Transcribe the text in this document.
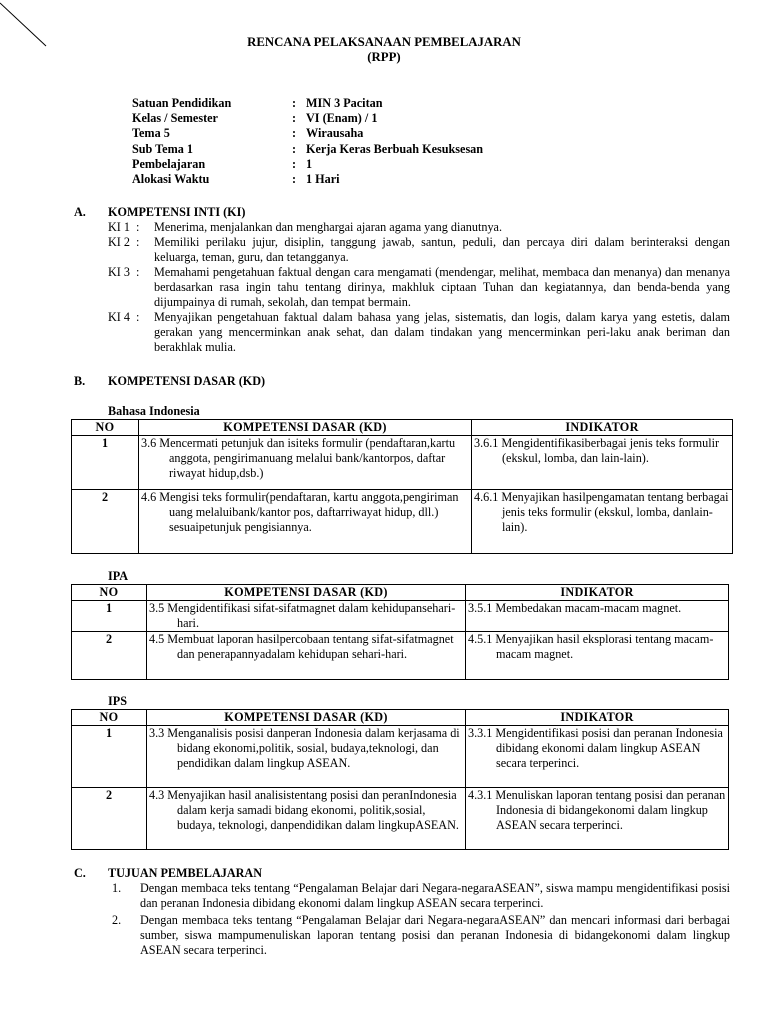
RENCANA PELAKSANAAN PEMBELAJARAN
(RPP)
Satuan Pendidikan	: MIN 3 Pacitan
Kelas / Semester	: VI (Enam) / 1
Tema 5	: Wirausaha
Sub Tema 1	: Kerja Keras Berbuah Kesuksesan
Pembelajaran	: 1
Alokasi Waktu	: 1 Hari
A. KOMPETENSI INTI (KI)
KI 1 :	Menerima, menjalankan dan menghargai ajaran agama yang dianutnya.
KI 2 :	Memiliki perilaku jujur, disiplin, tanggung jawab, santun, peduli, dan percaya diri dalam berinteraksi dengan keluarga, teman, guru, dan tetangganya.
KI 3 :	Memahami pengetahuan faktual dengan cara mengamati (mendengar, melihat, membaca dan menanya) dan menanya berdasarkan rasa ingin tahu tentang dirinya, makhluk ciptaan Tuhan dan kegiatannya, dan benda-benda yang dijumpainya di rumah, sekolah, dan tempat bermain.
KI 4 :	Menyajikan pengetahuan faktual dalam bahasa yang jelas, sistematis, dan logis, dalam karya yang estetis, dalam gerakan yang mencerminkan anak sehat, dan dalam tindakan yang mencerminkan peri-laku anak beriman dan berakhlak mulia.
B. KOMPETENSI DASAR (KD)
Bahasa Indonesia
NO	KOMPETENSI DASAR (KD)	INDIKATOR
1	3.6 Mencermati petunjuk dan isiteks formulir (pendaftaran,kartu anggota, pengirimanuang melalui bank/kantorpos, daftar riwayat hidup,dsb.)	3.6.1 Mengidentifikasiberbagai jenis teks formulir (ekskul, lomba, dan lain-lain).

2	4.6 Mengisi teks formulir(pendaftaran, kartu anggota,pengiriman uang melaluibank/kantor pos, daftarriwayat hidup, dll.) sesuaipetunjuk pengisiannya.	4.6.1 Menyajikan hasilpengamatan tentang berbagai jenis teks formulir (ekskul, lomba, danlain-lain).
IPA
NO	KOMPETENSI DASAR (KD)	INDIKATOR
1	3.5 Mengidentifikasi sifat-sifatmagnet dalam kehidupansehari-hari.	3.5.1 Membedakan macam-macam magnet.

2	4.5 Membuat laporan hasilpercobaan tentang sifat-sifatmagnet dan penerapannyadalam kehidupan sehari-hari.	4.5.1 Menyajikan hasil eksplorasi tentang macam-macam magnet.
IPS
NO	KOMPETENSI DASAR (KD)	INDIKATOR
1	3.3 Menganalisis posisi danperan Indonesia dalam kerjasama di bidang ekonomi,politik, sosial, budaya,teknologi, dan pendidikan dalam lingkup ASEAN.	3.3.1 Mengidentifikasi posisi dan peranan Indonesia dibidang ekonomi dalam lingkup ASEAN secara terperinci.

2	4.3 Menyajikan hasil analisistentang posisi dan peranIndonesia dalam kerja samadi bidang ekonomi, politik,sosial, budaya, teknologi, danpendidikan dalam lingkupASEAN.	4.3.1 Menuliskan laporan tentang posisi dan peranan Indonesia di bidangekonomi dalam lingkup ASEAN secara terperinci.
C. TUJUAN PEMBELAJARAN
1.	Dengan membaca teks tentang “Pengalaman Belajar dari Negara-negaraASEAN”, siswa mampu mengidentifikasi posisi dan peranan Indonesia dibidang ekonomi dalam lingkup ASEAN secara terperinci.
2.	Dengan membaca teks tentang “Pengalaman Belajar dari Negara-negaraASEAN” dan mencari informasi dari berbagai sumber, siswa mampumenuliskan laporan tentang posisi dan peranan Indonesia di bidangekonomi dalam lingkup ASEAN secara terperinci.
